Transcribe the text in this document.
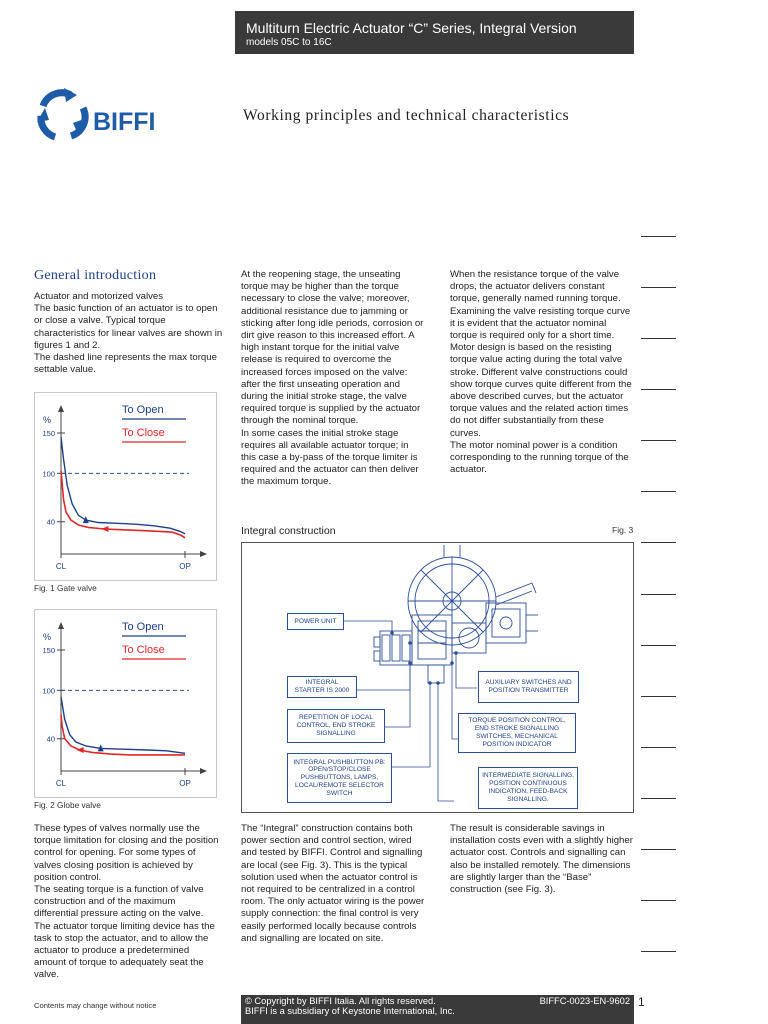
Multiturn Electric Actuator “C” Series, Integral Version
models 05C to 16C
BIFFI	Working principles and technical characteristics
General introduction

Actuator and motorized valves

The basic function of an actuator is to open or close a valve. Typical torque characteristics for linear valves are shown in figures 1 and 2.

The dashed line represents the max torque settable value.

At the reopening stage, the unseating torque may be higher than the torque necessary to close the valve; moreover, additional resistance due to jamming or sticking after long idle periods, corrosion or dirt give reason to this increased effort. A high instant torque for the initial valve release is required to overcome the increased forces imposed on the valve: after the first unseating operation and during the initial stroke stage, the valve required torque is supplied by the actuator through the nominal torque.

In some cases the initial stroke stage requires all available actuator torque; in this case a by-pass of the torque limiter is required and the actuator can then deliver the maximum torque.

When the resistance torque of the valve drops, the actuator delivers constant torque, generally named running torque. Examining the valve resisting torque curve it is evident that the actuator nominal torque is required only for a short time.

Motor design is based on the resisting torque value acting during the total valve stroke. Different valve constructions could show torque curves quite different from the above described curves, but the actuator torque values and the related action times do not differ substantially from these curves.

The motor nominal power is a condition corresponding to the running torque of the actuator.

%
150
100
40
CL	OP
To Open
To Close
Fig. 1 Gate valve
%
150
100
40
CL	OP
To Open
To Close
Fig. 2 Globe valve
Integral construction	Fig. 3
POWER UNIT
INTEGRAL STARTER IS 2000
REPETITION OF LOCAL CONTROL, END STROKE SIGNALLING
INTEGRAL PUSHBUTTON PB: OPEN/STOP/CLOSE PUSHBUTTONS, LAMPS, LOCAL/REMOTE SELECTOR SWITCH
AUXILIARY SWITCHES AND POSITION TRANSMITTER
TORQUE POSITION CONTROL, END STROKE SIGNALLING SWITCHES, MECHANICAL POSITION INDICATOR
INTERMEDIATE SIGNALLING, POSITION CONTINUOUS INDICATION, FEED-BACK SIGNALLING.

These types of valves normally use the torque limitation for closing and the position control for opening. For some types of valves closing position is achieved by position control.

The seating torque is a function of valve construction and of the maximum differential pressure acting on the valve. The actuator torque limiting device has the task to stop the actuator, and to allow the actuator to produce a predetermined amount of torque to adequately seat the valve.

The “Integral” construction contains both power section and control section, wired and tested by BIFFI. Control and signalling are local (see Fig. 3). This is the typical solution used when the actuator control is not required to be centralized in a control room. The only actuator wiring is the power supply connection: the final control is very easily performed locally because controls and signalling are located on site.

The result is considerable savings in installation costs even with a slightly higher actuator cost. Controls and signalling can also be installed remotely. The dimensions are slightly larger than the “Base” construction (see Fig. 3).

Contents may change without notice	© Copyright by BIFFI Italia. All rights reserved.	BIFFC-0023-EN-9602
BIFFI is a subsidiary of Keystone International, Inc.
1
